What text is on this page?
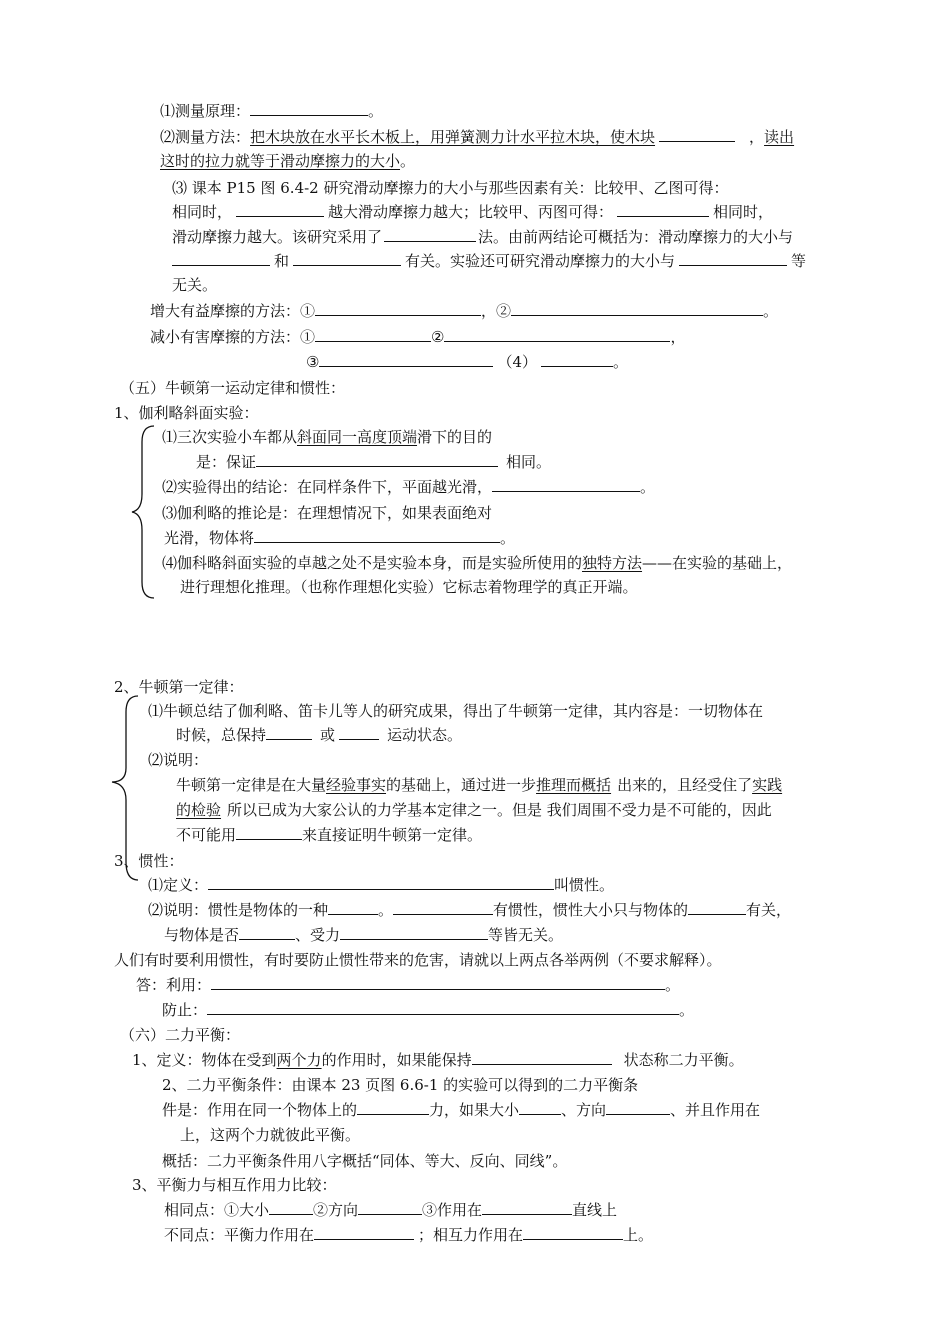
⑴测量原理：	。
⑵测量方法：把木块放在水平长木板上，用弹簧测力计水平拉木块，使木块	，读出
这时的拉力就等于滑动摩擦力的大小。
⑶ 课本 P15 图 6.4-2 研究滑动摩擦力的大小与那些因素有关：比较甲、乙图可得：
相同时，	越大滑动摩擦力越大；比较甲、丙图可得：	相同时，
滑动摩擦力越大。该研究采用了	法。由前两结论可概括为：滑动摩擦力的大小与
和	有关。实验还可研究滑动摩擦力的大小与	等
无关。
增大有益摩擦的方法：①	，②	。
减小有害摩擦的方法：①	②	，
③	（4）	。
（五）牛顿第一运动定律和惯性：
1、伽利略斜面实验：
⑴三次实验小车都从斜面同一高度顶端滑下的目的
是：保证	相同。
⑵实验得出的结论：在同样条件下，平面越光滑，	。
⑶伽利略的推论是：在理想情况下，如果表面绝对
光滑，物体将	。
⑷伽科略斜面实验的卓越之处不是实验本身，而是实验所使用的独特方法——在实验的基础上，
进行理想化推理。（也称作理想化实验）它标志着物理学的真正开端。
2、牛顿第一定律：
⑴牛顿总结了伽利略、笛卡儿等人的研究成果，得出了牛顿第一定律，其内容是：一切物体在
时候，总保持	或	运动状态。
⑵说明：
牛顿第一定律是在大量经验事实的基础上，通过进一步推理而概括 出来的，且经受住了实践
的检验 所以已成为大家公认的力学基本定律之一。但是 我们周围不受力是不可能的，因此
不可能用	来直接证明牛顿第一定律。
3、惯性：
⑴定义：	叫惯性。
⑵说明：惯性是物体的一种	。	有惯性，惯性大小只与物体的	有关，
与物体是否	、受力	等皆无关。
人们有时要利用惯性，有时要防止惯性带来的危害，请就以上两点各举两例（不要求解释）。
答：利用：	。
防止：	。
（六）二力平衡：
1、定义：物体在受到两个力的作用时，如果能保持	状态称二力平衡。
2、二力平衡条件：由课本 23 页图 6.6-1 的实验可以得到的二力平衡条
件是：作用在同一个物体上的	力，如果大小	、方向	、并且作用在
上，这两个力就彼此平衡。
概括：二力平衡条件用八字概括“同体、等大、反向、同线”。
3、平衡力与相互作用力比较：
相同点：①大小	②方向	③作用在	直线上
不同点：平衡力作用在	；相互力作用在	上。
